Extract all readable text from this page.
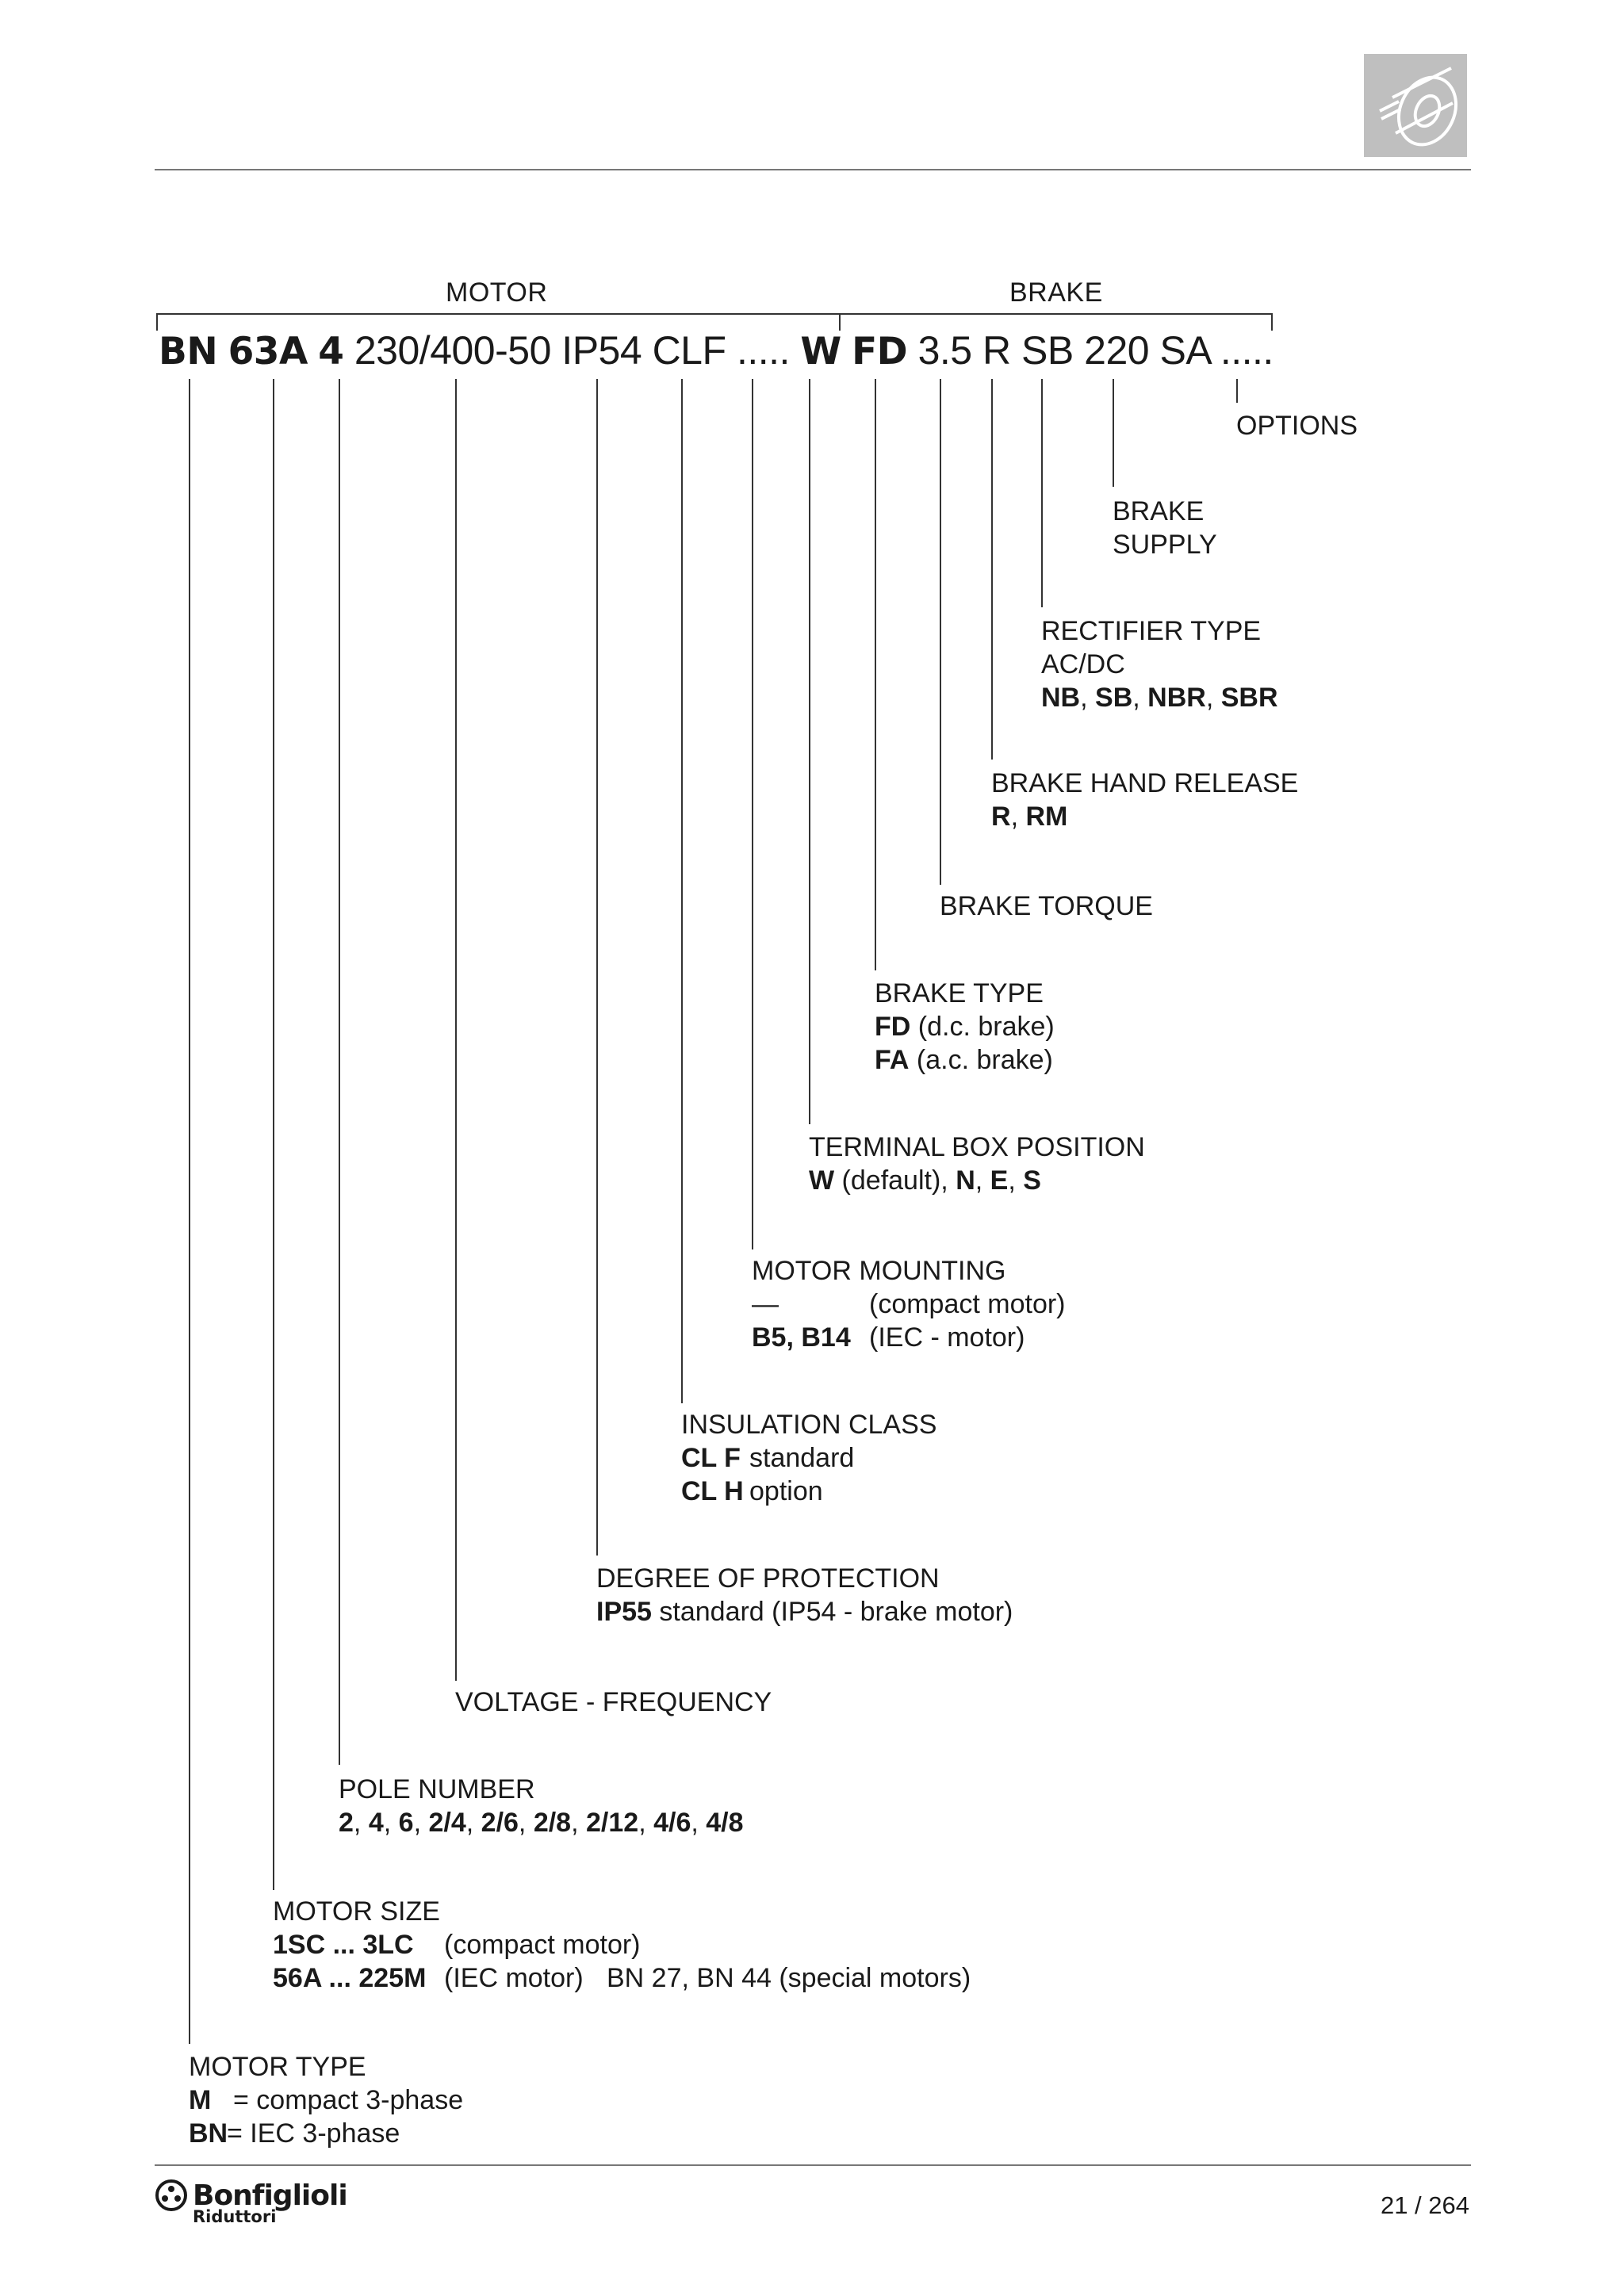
MOTOR	BRAKE
BN 63A 4 230/400-50 IP54 CLF ..... W FD 3.5 R SB 220 SA .....
OPTIONS
BRAKE
SUPPLY
RECTIFIER TYPE
AC/DC
NB, SB, NBR, SBR
BRAKE HAND RELEASE
R, RM
BRAKE TORQUE
BRAKE TYPE
FD (d.c. brake)
FA (a.c. brake)
TERMINAL BOX POSITION
W (default), N, E, S
MOTOR MOUNTING
—	(compact motor)
B5, B14 (IEC - motor)
INSULATION CLASS
CL F standard
CL H option
DEGREE OF PROTECTION
IP55 standard (IP54 - brake motor)
VOLTAGE - FREQUENCY
POLE NUMBER
2, 4, 6, 2/4, 2/6, 2/8, 2/12, 4/6, 4/8
MOTOR SIZE
1SC ... 3LC (compact motor)
56A ... 225M (IEC motor) BN 27, BN 44 (special motors)
MOTOR TYPE
M = compact 3-phase
BN= IEC 3-phase
Bonfiglioli
Riduttori	21 / 264
